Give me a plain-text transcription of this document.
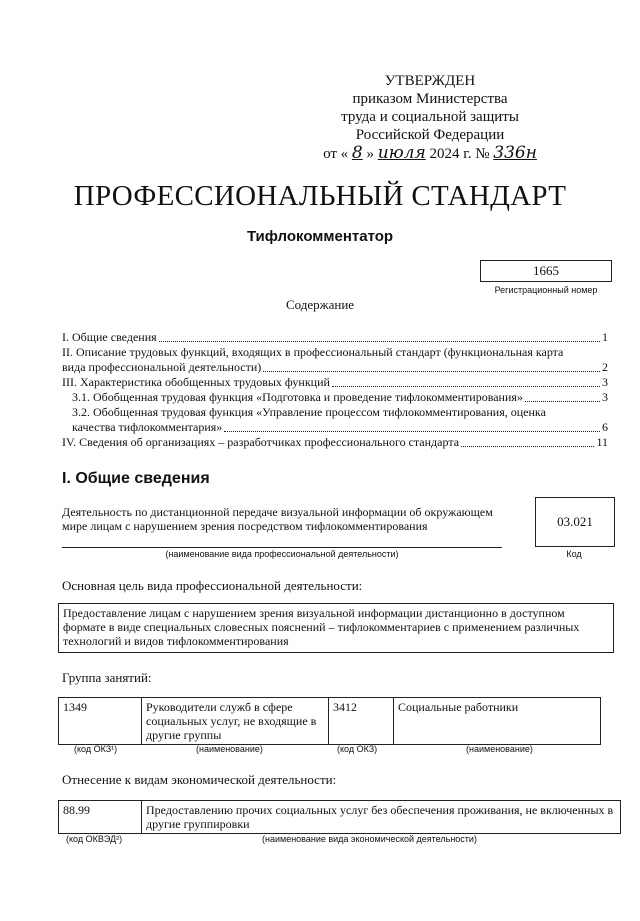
УТВЕРЖДЕН
приказом Министерства
труда и социальной защиты
Российской Федерации
от « 8 » июля 2024 г. № 336н
ПРОФЕССИОНАЛЬНЫЙ СТАНДАРТ
Тифлокомментатор
1665
Регистрационный номер
Содержание
I. Общие сведения	1
II. Описание трудовых функций, входящих в профессиональный стандарт (функциональная карта
вида профессиональной деятельности)	2
III. Характеристика обобщенных трудовых функций	3
3.1. Обобщенная трудовая функция «Подготовка и проведение тифлокомментирования»	3
3.2. Обобщенная трудовая функция «Управление процессом тифлокомментирования, оценка
качества тифлокомментария»	6
IV. Сведения об организациях – разработчиках профессионального стандарта	11
I. Общие сведения
Деятельность по дистанционной передаче визуальной информации об окружающем мире лицам с нарушением зрения посредством тифлокомментирования
(наименование вида профессиональной деятельности)
03.021
Код
Основная цель вида профессиональной деятельности:
Предоставление лицам с нарушением зрения визуальной информации дистанционно в доступном формате в виде специальных словесных пояснений – тифлокомментариев с применением различных технологий и видов тифлокомментирования
Группа занятий:
1349	Руководители служб в сфере социальных услуг, не входящие в другие группы	3412	Социальные работники
(код ОКЗ¹)	(наименование)	(код ОКЗ)	(наименование)
Отнесение к видам экономической деятельности:
88.99	Предоставлению прочих социальных услуг без обеспечения проживания, не включенных в другие группировки
(код ОКВЭД²)	(наименование вида экономической деятельности)
